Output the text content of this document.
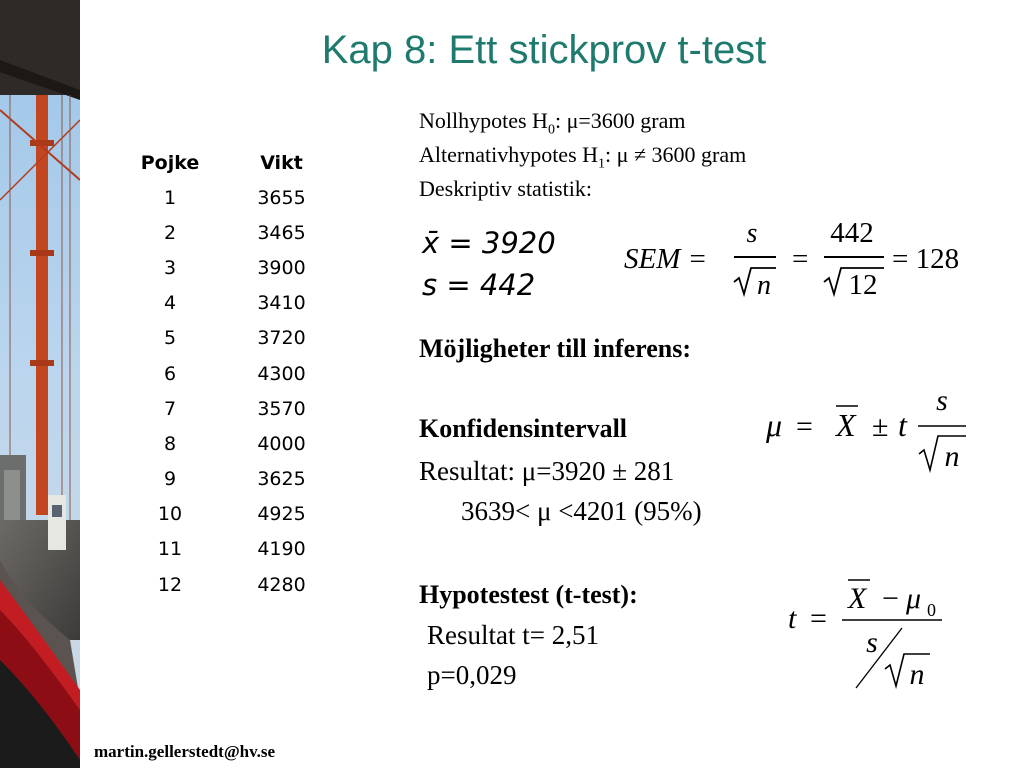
Kap 8: Ett stickprov t-test
Pojke	Vikt
1	3655
2	3465
3	3900
4	3410
5	3720
6	4300
7	3570
8	4000
9	3625
10	4925
11	4190
12	4280
Nollhypotes $H_0$: μ=3600 gram
Alternativhypotes $H_1$: μ ≠ 3600 gram
Deskriptiv statistik:
x̄ = 3920
s = 442
SEM =
s
n
=
442
12
= 128
Möjligheter till inferens:
Konfidensintervall
Resultat: μ=3920 ± 281
3639< μ <4201 (95%)
μ = X ± t
s
n
Hypotestest (t-test):
Resultat t= 2,51
p=0,029
t =
X − μ 0
s
n
martin.gellerstedt@hv.se
